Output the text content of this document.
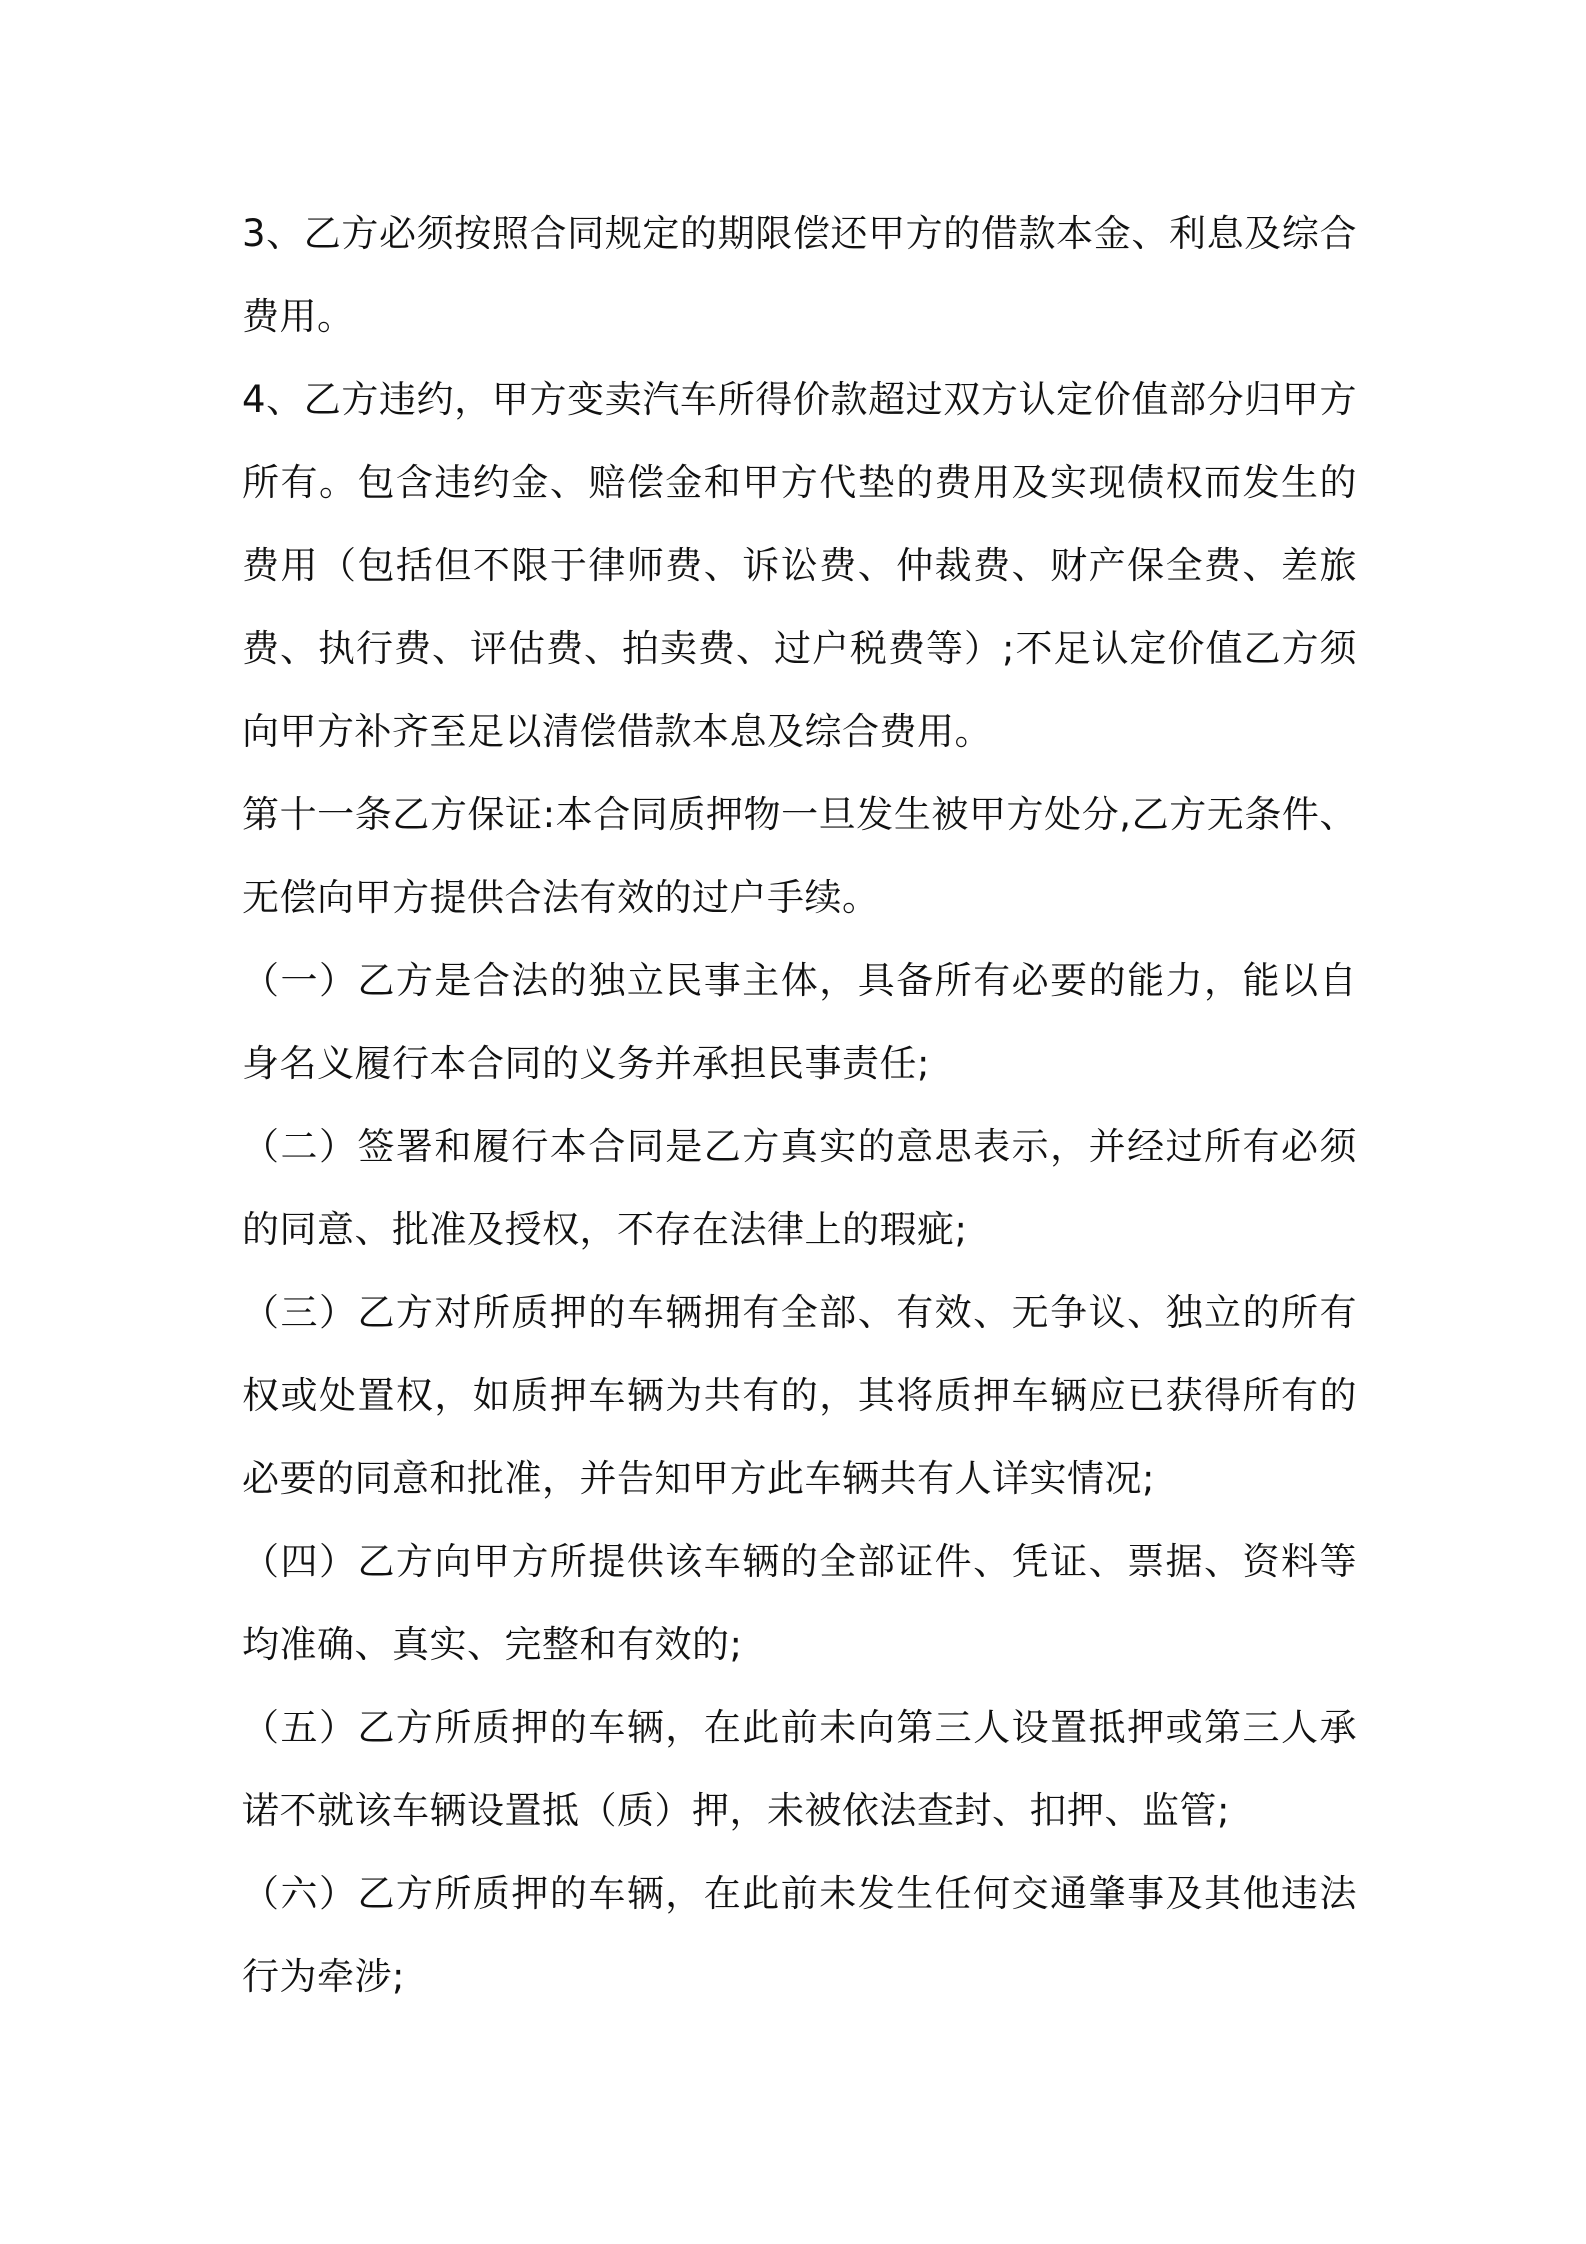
3、乙方必须按照合同规定的期限偿还甲方的借款本金、利息及综合费用。

4、乙方违约，甲方变卖汽车所得价款超过双方认定价值部分归甲方所有。包含违约金、赔偿金和甲方代垫的费用及实现债权而发生的费用（包括但不限于律师费、诉讼费、仲裁费、财产保全费、差旅费、执行费、评估费、拍卖费、过户税费等）;不足认定价值乙方须向甲方补齐至足以清偿借款本息及综合费用。

第十一条乙方保证:本合同质押物一旦发生被甲方处分,乙方无条件、无偿向甲方提供合法有效的过户手续。

（一）乙方是合法的独立民事主体，具备所有必要的能力，能以自身名义履行本合同的义务并承担民事责任;

（二）签署和履行本合同是乙方真实的意思表示，并经过所有必须的同意、批准及授权，不存在法律上的瑕疵;

（三）乙方对所质押的车辆拥有全部、有效、无争议、独立的所有权或处置权，如质押车辆为共有的，其将质押车辆应已获得所有的必要的同意和批准，并告知甲方此车辆共有人详实情况;

（四）乙方向甲方所提供该车辆的全部证件、凭证、票据、资料等均准确、真实、完整和有效的;

（五）乙方所质押的车辆，在此前未向第三人设置抵押或第三人承诺不就该车辆设置抵（质）押，未被依法查封、扣押、监管;

（六）乙方所质押的车辆，在此前未发生任何交通肇事及其他违法行为牵涉;
